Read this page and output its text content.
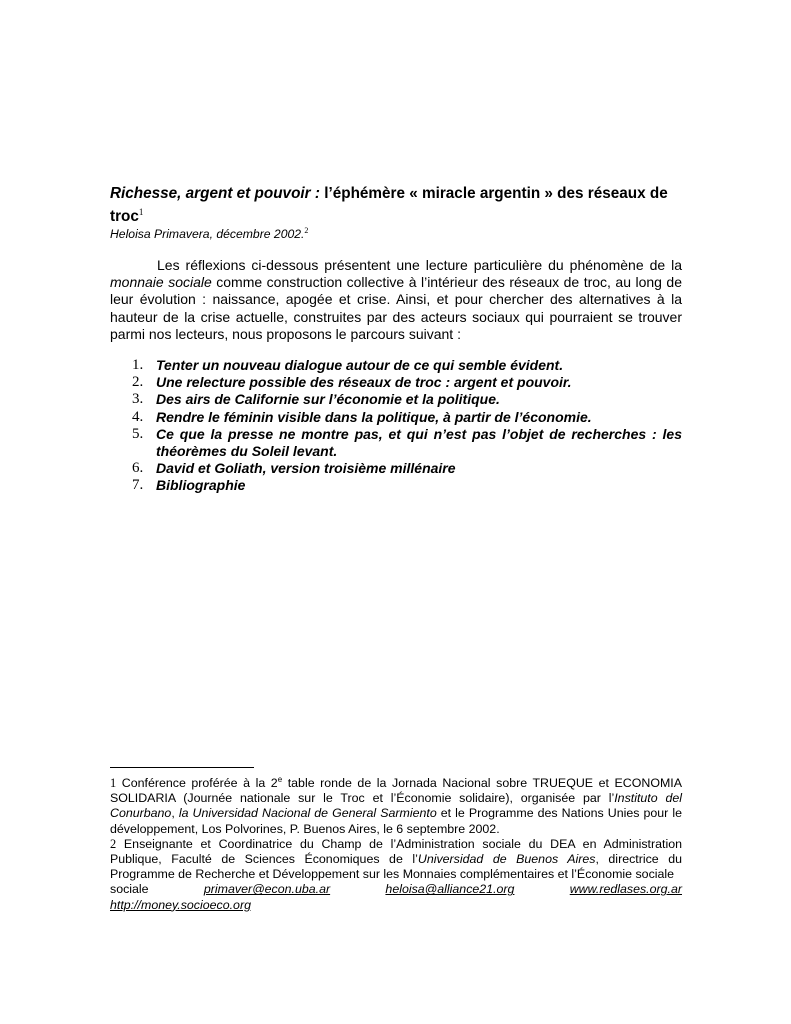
Richesse, argent et pouvoir : l’éphémère « miracle argentin » des réseaux de troc$^1$
Heloisa Primavera, décembre 2002.$^2$

Les réflexions ci-dessous présentent une lecture particulière du phénomène de la monnaie sociale comme construction collective à l’intérieur des réseaux de troc, au long de leur évolution : naissance, apogée et crise. Ainsi, et pour chercher des alternatives à la hauteur de la crise actuelle, construites par des acteurs sociaux qui pourraient se trouver parmi nos lecteurs, nous proposons le parcours suivant :

1. Tenter un nouveau dialogue autour de ce qui semble évident.
2. Une relecture possible des réseaux de troc : argent et pouvoir.
3. Des airs de Californie sur l’économie et la politique.
4. Rendre le féminin visible dans la politique, à partir de l’économie.
5. Ce que la presse ne montre pas, et qui n’est pas l’objet de recherches : les théorèmes du Soleil levant.
6. David et Goliath, version troisième millénaire
7. Bibliographie
1 Conférence proférée à la 2e table ronde de la Jornada Nacional sobre TRUEQUE et ECONOMIA SOLIDARIA (Journée nationale sur le Troc et l’Économie solidaire), organisée par l’Instituto del Conurbano, la Universidad Nacional de General Sarmiento et le Programme des Nations Unies pour le développement, Los Polvorines, P. Buenos Aires, le 6 septembre 2002.
2 Enseignante et Coordinatrice du Champ de l’Administration sociale du DEA en Administration Publique, Faculté de Sciences Économiques de l’Universidad de Buenos Aires, directrice du Programme de Recherche et Développement sur les Monnaies complémentaires et l’Économie sociale
sociale	primaver@econ.uba.ar	heloisa@alliance21.org	www.redlases.org.ar
http://money.socioeco.org
